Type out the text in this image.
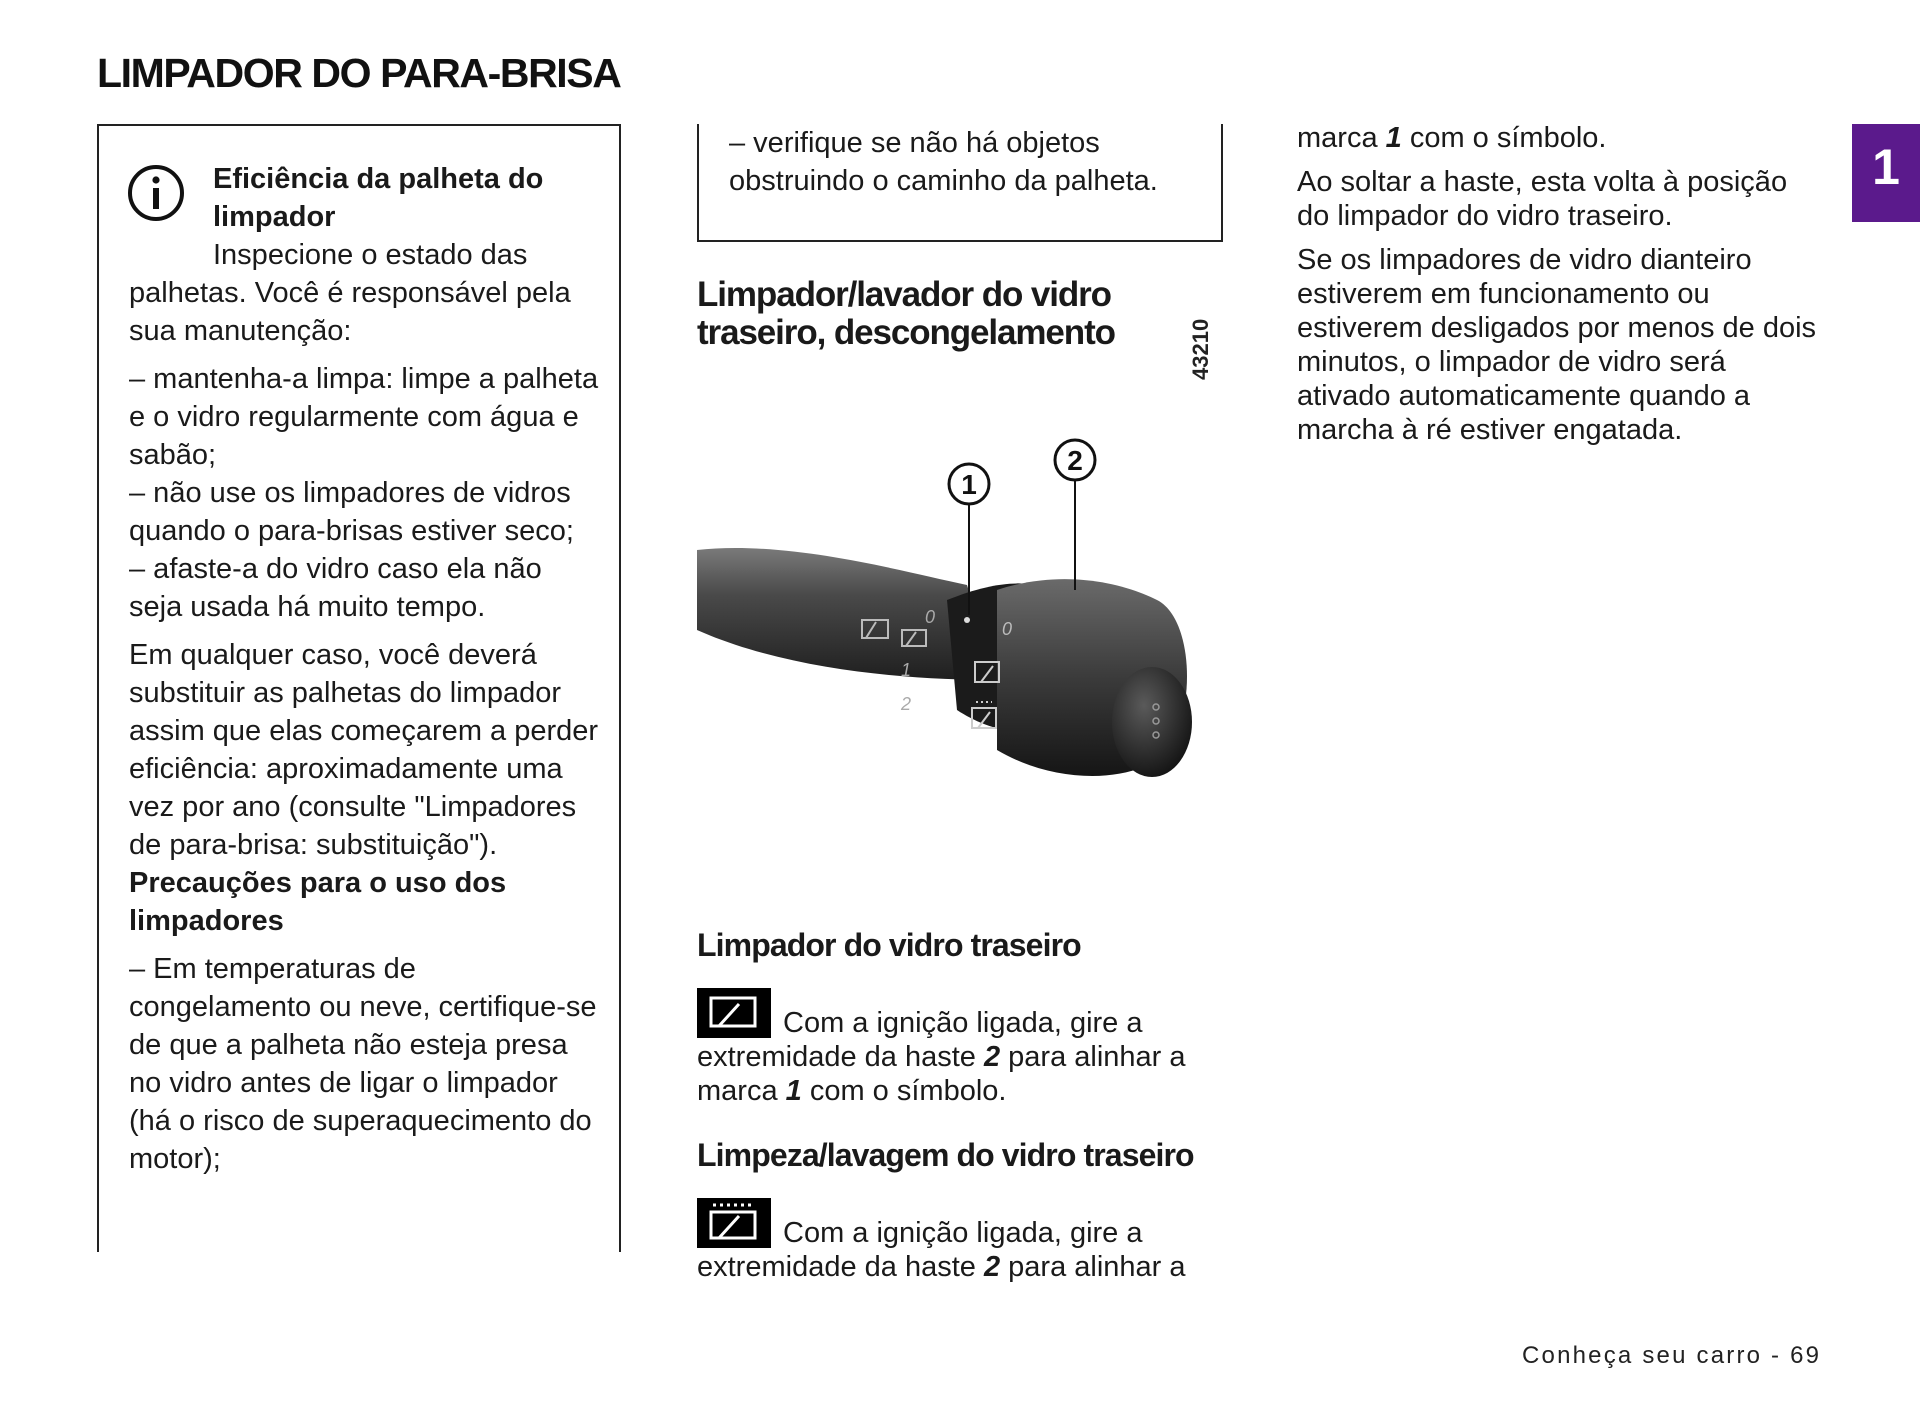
LIMPADOR DO PARA-BRISA
Eficiência da palheta do
limpador

Inspecione o estado das

palhetas. Você é responsável pela sua manutenção:

– mantenha-a limpa: limpe a palheta e o vidro regularmente com água e sabão;

– não use os limpadores de vidros quando o para-brisas estiver seco;

– afaste-a do vidro caso ela não seja usada há muito tempo.

Em qualquer caso, você deverá substituir as palhetas do limpador assim que elas começarem a perder eficiência: aproximadamente uma vez por ano (consulte "Limpadores de para-brisa: substituição").

Precauções para o uso dos limpadores

– Em temperaturas de congelamento ou neve, certifique-se de que a palheta não esteja presa no vidro antes de ligar o limpador (há o risco de superaquecimento do motor);

– verifique se não há objetos obstruindo o caminho da palheta.

Limpador/lavador do vidro traseiro, descongelamento	43210
0
1
2
0
1
2
Limpador do vidro traseiro

Com a ignição ligada, gire a extremidade da haste 2 para alinhar a marca 1 com o símbolo.

Limpeza/lavagem do vidro traseiro

Com a ignição ligada, gire a extremidade da haste 2 para alinhar a

1

marca 1 com o símbolo.

Ao soltar a haste, esta volta à posição do limpador do vidro traseiro.

Se os limpadores de vidro dianteiro estiverem em funcionamento ou estiverem desligados por menos de dois minutos, o limpador de vidro será ativado automaticamente quando a marcha à ré estiver engatada.

Conheça seu carro - 69
